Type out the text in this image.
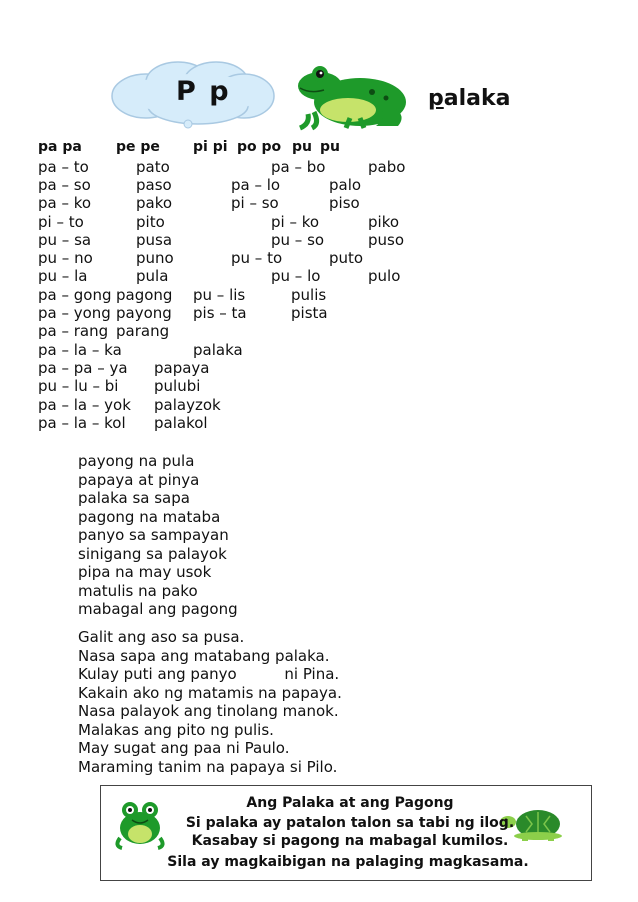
P p	palaka
pa pa pe pe pi pi po po pu pu
pa – to	pato	pa – bo	pabo
pa – so	paso	pa – lo	palo
pa – ko	pako	pi – so	piso
pi – to	pito	pi – ko	piko
pu – sa	pusa	pu – so	puso
pu – no	puno	pu – to	puto
pu – la	pula	pu – lo	pulo
pa – gong pagong pu – lis	pulis
pa – yong payong pis – ta	pista
pa – rang parang
pa – la – ka	palaka
pa – pa – ya papaya
pu – lu – bi pulubi
pa – la – yok palayzok
pa – la – kol palakol
payong na pula
papaya at pinya
palaka sa sapa
pagong na mataba
panyo sa sampayan
sinigang sa palayok
pipa na may usok
matulis na pako
mabagal ang pagong
Galit ang aso sa pusa.
Nasa sapa ang matabang palaka.
Kulay puti ang panyo          ni Pina.
Kakain ako ng matamis na papaya.
Nasa palayok ang tinolang manok.
Malakas ang pito ng pulis.
May sugat ang paa ni Paulo.
Maraming tanim na papaya si Pilo.
Ang Palaka at ang Pagong
Si palaka ay patalon talon sa tabi ng ilog.
Kasabay si pagong na mabagal kumilos.
Sila ay magkaibigan na palaging magkasama.
